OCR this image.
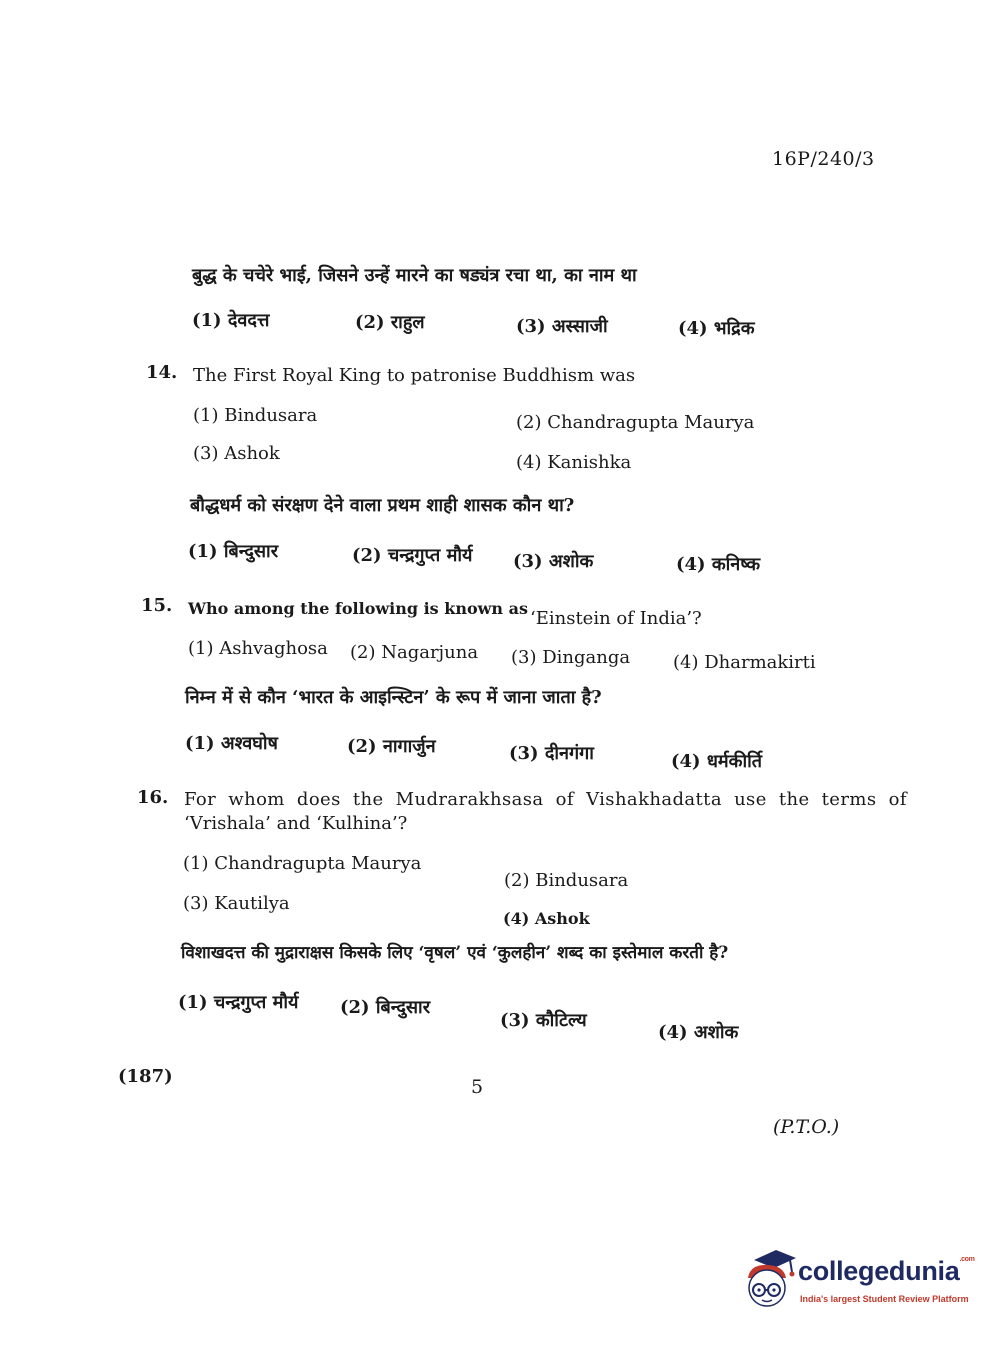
16P/240/3
बुद्ध के चचेरे भाई, जिसने उन्हें मारने का षड्यंत्र रचा था, का नाम था
(1) देवदत्त	(2) राहुल	(3) अस्साजी	(4) भद्रिक
14. The First Royal King to patronise Buddhism was
(1) Bindusara	(2) Chandragupta Maurya
(3) Ashok	(4) Kanishka
बौद्धधर्म को संरक्षण देने वाला प्रथम शाही शासक कौन था?
(1) बिन्दुसार	(2) चन्द्रगुप्त मौर्य (3) अशोक	(4) कनिष्क
15. Who among the following is known as ‘Einstein of India’?
(1) Ashvaghosa (2) Nagarjuna (3) Dinganga (4) Dharmakirti
निम्न में से कौन ‘भारत के आइन्स्टिन’ के रूप में जाना जाता है?
(1) अश्वघोष	(2) नागार्जुन	(3) दीनगंगा	(4) धर्मकीर्ति
16. For whom does the Mudrarakhsasa of Vishakhadatta use the terms of
‘Vrishala’ and ‘Kulhina’?
(1) Chandragupta Maurya
(2) Bindusara
(3) Kautilya
(4) Ashok
विशाखदत्त की मुद्राराक्षस किसके लिए ‘वृषल’ एवं ‘कुलहीन’ शब्द का इस्तेमाल करती है?
(1) चन्द्रगुप्त मौर्य (2) बिन्दुसार
(3) कौटिल्य
(4) अशोक
(187)	5
(P.T.O.)
collegedunia$^{.com}$
India's largest Student Review Platform
